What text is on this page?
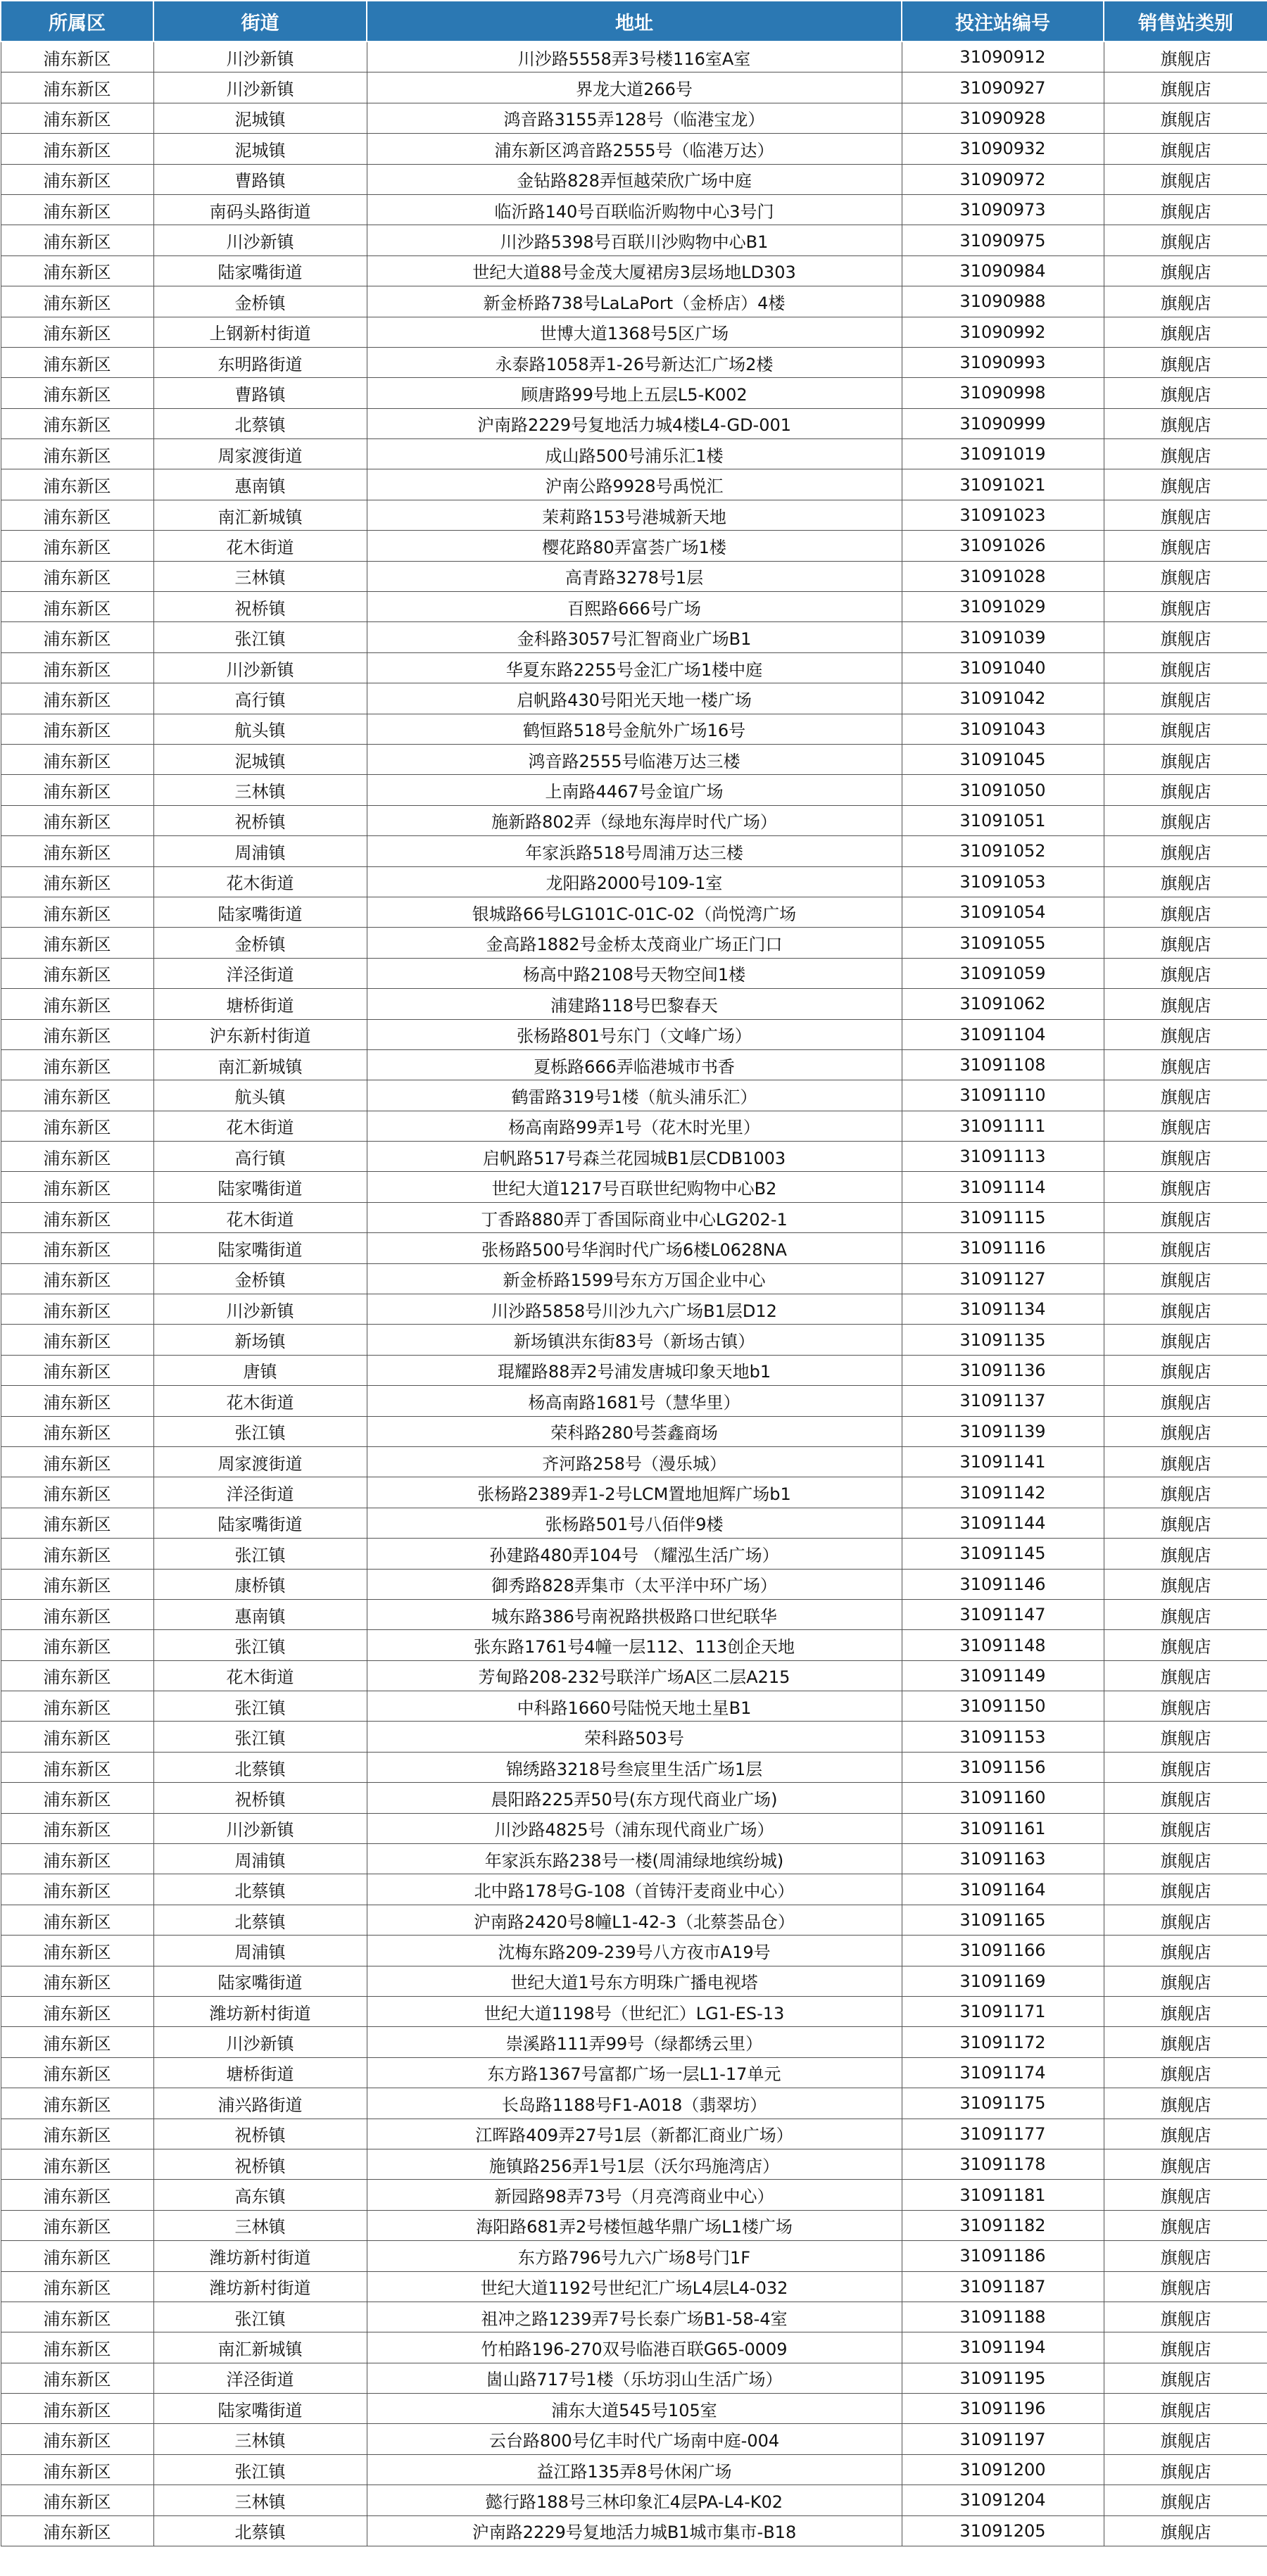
所属区	街道	地址	投注站编号	销售站类别
浦东新区	川沙新镇	川沙路5558弄3号楼116室A室	31090912	旗舰店
浦东新区	川沙新镇	界龙大道266号	31090927	旗舰店
浦东新区	泥城镇	鸿音路3155弄128号（临港宝龙）	31090928	旗舰店
浦东新区	泥城镇	浦东新区鸿音路2555号（临港万达）	31090932	旗舰店
浦东新区	曹路镇	金钻路828弄恒越荣欣广场中庭	31090972	旗舰店
浦东新区	南码头路街道	临沂路140号百联临沂购物中心3号门	31090973	旗舰店
浦东新区	川沙新镇	川沙路5398号百联川沙购物中心B1	31090975	旗舰店
浦东新区	陆家嘴街道	世纪大道88号金茂大厦裙房3层场地LD303	31090984	旗舰店
浦东新区	金桥镇	新金桥路738号LaLaPort（金桥店）4楼	31090988	旗舰店
浦东新区	上钢新村街道	世博大道1368号5区广场	31090992	旗舰店
浦东新区	东明路街道	永泰路1058弄1-26号新达汇广场2楼	31090993	旗舰店
浦东新区	曹路镇	顾唐路99号地上五层L5-K002	31090998	旗舰店
浦东新区	北蔡镇	沪南路2229号复地活力城4楼L4-GD-001	31090999	旗舰店
浦东新区	周家渡街道	成山路500号浦乐汇1楼	31091019	旗舰店
浦东新区	惠南镇	沪南公路9928号禹悦汇	31091021	旗舰店
浦东新区	南汇新城镇	茉莉路153号港城新天地	31091023	旗舰店
浦东新区	花木街道	樱花路80弄富荟广场1楼	31091026	旗舰店
浦东新区	三林镇	高青路3278号1层	31091028	旗舰店
浦东新区	祝桥镇	百熙路666号广场	31091029	旗舰店
浦东新区	张江镇	金科路3057号汇智商业广场B1	31091039	旗舰店
浦东新区	川沙新镇	华夏东路2255号金汇广场1楼中庭	31091040	旗舰店
浦东新区	高行镇	启帆路430号阳光天地一楼广场	31091042	旗舰店
浦东新区	航头镇	鹤恒路518号金航外广场16号	31091043	旗舰店
浦东新区	泥城镇	鸿音路2555号临港万达三楼	31091045	旗舰店
浦东新区	三林镇	上南路4467号金谊广场	31091050	旗舰店
浦东新区	祝桥镇	施新路802弄（绿地东海岸时代广场）	31091051	旗舰店
浦东新区	周浦镇	年家浜路518号周浦万达三楼	31091052	旗舰店
浦东新区	花木街道	龙阳路2000号109-1室	31091053	旗舰店
浦东新区	陆家嘴街道	银城路66号LG101C-01C-02（尚悦湾广场	31091054	旗舰店
浦东新区	金桥镇	金高路1882号金桥太茂商业广场正门口	31091055	旗舰店
浦东新区	洋泾街道	杨高中路2108号天物空间1楼	31091059	旗舰店
浦东新区	塘桥街道	浦建路118号巴黎春天	31091062	旗舰店
浦东新区	沪东新村街道	张杨路801号东门（文峰广场）	31091104	旗舰店
浦东新区	南汇新城镇	夏栎路666弄临港城市书香	31091108	旗舰店
浦东新区	航头镇	鹤雷路319号1楼（航头浦乐汇）	31091110	旗舰店
浦东新区	花木街道	杨高南路99弄1号（花木时光里）	31091111	旗舰店
浦东新区	高行镇	启帆路517号森兰花园城B1层CDB1003	31091113	旗舰店
浦东新区	陆家嘴街道	世纪大道1217号百联世纪购物中心B2	31091114	旗舰店
浦东新区	花木街道	丁香路880弄丁香国际商业中心LG202-1	31091115	旗舰店
浦东新区	陆家嘴街道	张杨路500号华润时代广场6楼L0628NA	31091116	旗舰店
浦东新区	金桥镇	新金桥路1599号东方万国企业中心	31091127	旗舰店
浦东新区	川沙新镇	川沙路5858号川沙九六广场B1层D12	31091134	旗舰店
浦东新区	新场镇	新场镇洪东街83号（新场古镇）	31091135	旗舰店
浦东新区	唐镇	琨耀路88弄2号浦发唐城印象天地b1	31091136	旗舰店
浦东新区	花木街道	杨高南路1681号（慧华里）	31091137	旗舰店
浦东新区	张江镇	荣科路280号荟鑫商场	31091139	旗舰店
浦东新区	周家渡街道	齐河路258号（漫乐城）	31091141	旗舰店
浦东新区	洋泾街道	张杨路2389弄1-2号LCM置地旭辉广场b1	31091142	旗舰店
浦东新区	陆家嘴街道	张杨路501号八佰伴9楼	31091144	旗舰店
浦东新区	张江镇	孙建路480弄104号 （耀泓生活广场）	31091145	旗舰店
浦东新区	康桥镇	御秀路828弄集市（太平洋中环广场）	31091146	旗舰店
浦东新区	惠南镇	城东路386号南祝路拱极路口世纪联华	31091147	旗舰店
浦东新区	张江镇	张东路1761号4幢一层112、113创企天地	31091148	旗舰店
浦东新区	花木街道	芳甸路208-232号联洋广场A区二层A215	31091149	旗舰店
浦东新区	张江镇	中科路1660号陆悦天地土星B1	31091150	旗舰店
浦东新区	张江镇	荣科路503号	31091153	旗舰店
浦东新区	北蔡镇	锦绣路3218号叁宸里生活广场1层	31091156	旗舰店
浦东新区	祝桥镇	晨阳路225弄50号(东方现代商业广场)	31091160	旗舰店
浦东新区	川沙新镇	川沙路4825号（浦东现代商业广场）	31091161	旗舰店
浦东新区	周浦镇	年家浜东路238号一楼(周浦绿地缤纷城)	31091163	旗舰店
浦东新区	北蔡镇	北中路178号G-108（首铸汗麦商业中心）	31091164	旗舰店
浦东新区	北蔡镇	沪南路2420号8幢L1-42-3（北蔡荟品仓）	31091165	旗舰店
浦东新区	周浦镇	沈梅东路209-239号八方夜市A19号	31091166	旗舰店
浦东新区	陆家嘴街道	世纪大道1号东方明珠广播电视塔	31091169	旗舰店
浦东新区	潍坊新村街道	世纪大道1198号（世纪汇）LG1-ES-13	31091171	旗舰店
浦东新区	川沙新镇	崇溪路111弄99号（绿都绣云里）	31091172	旗舰店
浦东新区	塘桥街道	东方路1367号富都广场一层L1-17单元	31091174	旗舰店
浦东新区	浦兴路街道	长岛路1188号F1-A018（翡翠坊）	31091175	旗舰店
浦东新区	祝桥镇	江晖路409弄27号1层（新都汇商业广场）	31091177	旗舰店
浦东新区	祝桥镇	施镇路256弄1号1层（沃尔玛施湾店）	31091178	旗舰店
浦东新区	高东镇	新园路98弄73号（月亮湾商业中心）	31091181	旗舰店
浦东新区	三林镇	海阳路681弄2号楼恒越华鼎广场L1楼广场	31091182	旗舰店
浦东新区	潍坊新村街道	东方路796号九六广场8号门1F	31091186	旗舰店
浦东新区	潍坊新村街道	世纪大道1192号世纪汇广场L4层L4-032	31091187	旗舰店
浦东新区	张江镇	祖冲之路1239弄7号长泰广场B1-58-4室	31091188	旗舰店
浦东新区	南汇新城镇	竹柏路196-270双号临港百联G65-0009	31091194	旗舰店
浦东新区	洋泾街道	崮山路717号1楼（乐坊羽山生活广场）	31091195	旗舰店
浦东新区	陆家嘴街道	浦东大道545号105室	31091196	旗舰店
浦东新区	三林镇	云台路800号亿丰时代广场南中庭-004	31091197	旗舰店
浦东新区	张江镇	益江路135弄8号休闲广场	31091200	旗舰店
浦东新区	三林镇	懿行路188号三林印象汇4层PA-L4-K02	31091204	旗舰店
浦东新区	北蔡镇	沪南路2229号复地活力城B1城市集市-B18	31091205	旗舰店
